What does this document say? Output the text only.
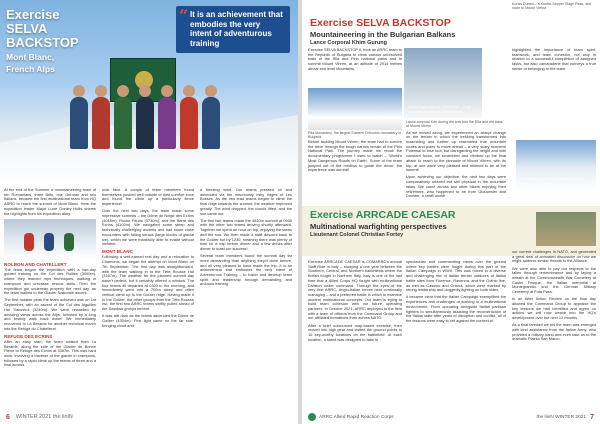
Exercise SELVA BACKSTOP
Mont Blanc,
French Alps
“ It is an achievement that embodies the very intent of adventurous training

At the end of the Summer a mountaineering team of ten Romanians, three Brits, one German and two Italians, became the first multinational team from HQ ARRC to reach the summit of Mont Blanc. Here the expedition leader Major Lucie Donley-Hollis shares the highlights from his expedition diary.

ROLBON AND CHATELLERT

The team began the expedition with a two-day guided training on the Col des Ruilles (3000m), where they learned rope techniques, walking in crampons and crevasse rescue skills. Then the expedition got underway properly the next day, as the team walked to the Glacier Nationale ascent.

The first notable peak the team achieved was on 1st September, with an ascent of the Col des Aiguilles Hut Saussirol (3240m). We were rewarded by amazing views across the Alps; followed by a long and testing walk back down! We immediately recovered to La Bérarde for another technical march into the Refuge du Châtelleret.

REFUGE DES ECRINS

After an early start, the team walked from La Bérarde, along the side of the Glacier de Bonne Pierre to Refuge des Ecrins at 3367m. This was hard work, involving a traverse of the glacier in crampons, followed by a rapid climb up the teams of three and a final access

rock face. A couple of team members found themselves pushed well outside of their comfort zone and found the climb up a particularly fierce experience!

Over the next two days, the team made some impressive summits – the Dôme de Neige des Ecrins (4015m), Roche Faurio (3730m), and the Barre des Ecrins (4102m). We navigated some steep and technically challenging ascents and had some close encounters with falling seracs (large blocks of glacial ice), which we were thankfully able to evade without incident.

MONT BLANC

Following a well-earned rest day and a relocation to Chamonix, we began the attempt on Mont Blanc on 7th September. The first day was straightforward, with the team walking in to the Tête Rousse Hut (3167m). The weather for the planned summit day wasn't perfect, but it certainly offered a window. The four teams all departed at 0300 in the morning, and immediately went into a 700m steep and often vertical climb up to the Goûter ridge. Having made it to the Goûter, the other groups from the Tête Rousse hut, the first two ARRC teams swiftly pulled ahead of the Swedish groups behind.

It was still dark as the teams ascended the Dôme de Goûter (4304m). First light came on the far side, bringing cloud and

a freezing wind. Our teams pressed on and ascended via the notoriously risky ridges of Les Bosses. As the two lead teams began to climb the final ridge towards the summit, the weather improved greatly. The wind dropped, the clouds lifted, and the sun came out.

The first two teams made the 4810m summit at 0930 with the other two teams arriving shortly afterward. Together we spent an hour on top, enjoying the views and the sun. We then made a swift descent back to the Goûter hut by 1230, meaning there was plenty of time for a nap before dinner and a few drinks after dinner to toast our success!

Several team members found the summit day far more demanding than anything they'd done before, and all very pleased to have made the trip. It is an achievement that embodies the very intent of Adventurous Training – to foster and develop team spirit and leadership through demanding and arduous training.

6 WINTER 2021 the liniN
Korsis Dunea – a Kontro-Seppet Stage Ross, and route to Mount Vietna
Exercise SELVA BACKSTOP
Mountaineering in the Bulgarian Balkans
Lance Corporal Khim Gurung

Exercise SELVA BACKSTOP II, took an ARRC team to the Republic of Bulgaria to climb various unresolved trails of the Rila and Pirin national parks and to summit Mount Vihren, at an altitude of 2914 metres above sea level Mountains.

Rila Monastery, the largest Eastern Orthodox monastery in Bulgaria

Before tackling Mount Vihren, the team had to survive the drive through the tough narrow terrain of the Pirin National Park. The journey made me recall the documentary programme I used to watch – 'World's Most Dangerous Roads on Earth'. Some of the team jumped out of the minibus to guide the driver, the experience was surreal!

Summit approach on Vihren trail – Gulp pinnacles leaving for Mount Vihren
Lance corporal Ken during the trek into the Rila and the base of Mount Vihren

As we moved along, we experienced an abrupt change on the terrain in which the trekking transformed into scrambling and further up resembled true mountain routes and poles to move ahead – a very scary moment! Potential to lose foot, but disregarding the height and with constant focus, we scrambled and climbed up the final attack to reach to the pinnacle of Mount Vihren, with its top, at one wave very pleased and relieved to be at the summit.

Upon achieving our objective, the next two days were comparatively relaxed but still physical in the mountain lakes. We came across two other hikers enjoying their retirement, who happened to be from Gloucester and Dunster, a small world!

highlighted the importance of team spirit, teamwork, and team cohesion, not only in relation to a successful completion of assigned tasks, but also camaraderie that conveys a true sense of belonging to the team.

The entire team at the summit of Mount Vihren, 2,914 metres
Exercise ARRCADE CAESAR
Multinational warfighting perspectives
Lieutenant Colonel Christian Fortey

Exercise ARRCADE CAESAR is COMARRC's annual Staff Ride in Italy – studying a one year between the Southern, Central, and Northern battlefields where the British fought in Northern Italy. Italy is one of the last time that a Allied Corps HQ fought with multinational Division under command. Through the eyes of the very first ARRC, Anglo-Italian forces held continually managing – and a preferred battle in which to examine modern multinational concepts. Our team is trying to build team cohesion with our future operating partners. In October 2021, ARRC deployed to the field with a team of officers from the Command Group and our affiliated formations from across NATO.

After a brief outsourced map-based exercise, then moved into high gear and visited the ground points to 10 key-worthy locations on the battlefield. At each location, a stand was designed to take in

spectacular and commanding views over the ground where key battles were fought during this part of the Italian Campaign in WWII. This was mixed in a diverse and challenging mix of Italian terrain outdoors of Italian battle sites from Florence, Ravenna, and the Gothic line, as well as Cassino and Ortona, which were marked by strong leadership and doggedly fighting on both sides.

It became clear that the Italian Campaign exemplified the experiences and challenges of working in a multinational environment. From operating alongside Italian partisan fighters to simultaneously assisting the reconstruction of the Italian state after years of disruption and conflict, all of the lessons were easy to set against the context of

our current challenges in NATO, and generated a great deal of animated discussion on how we might address similar threats to the Alliance.

We were also able to pay our respects to the fallen through remembrance and by laying a wreath at the Commonwealth War Cemetery at Castel Frisque, the Italian memorial at Montegrandio and the German Military Cemetery at Futa Pass.

In an After Action Review on the final day allowed the Command Group to appraise the key lessons we had identified and agree on actions we will now weave into the HQ's development over the next 12 months.

As a final farewell we bid the team was emerged with kind assistance from the Italian Army, who provided a military band and even take us to the dramatic Piazza San Marco.

ARRC Allied Rapid Reaction Corps	the liniN WINTER 2021 7
